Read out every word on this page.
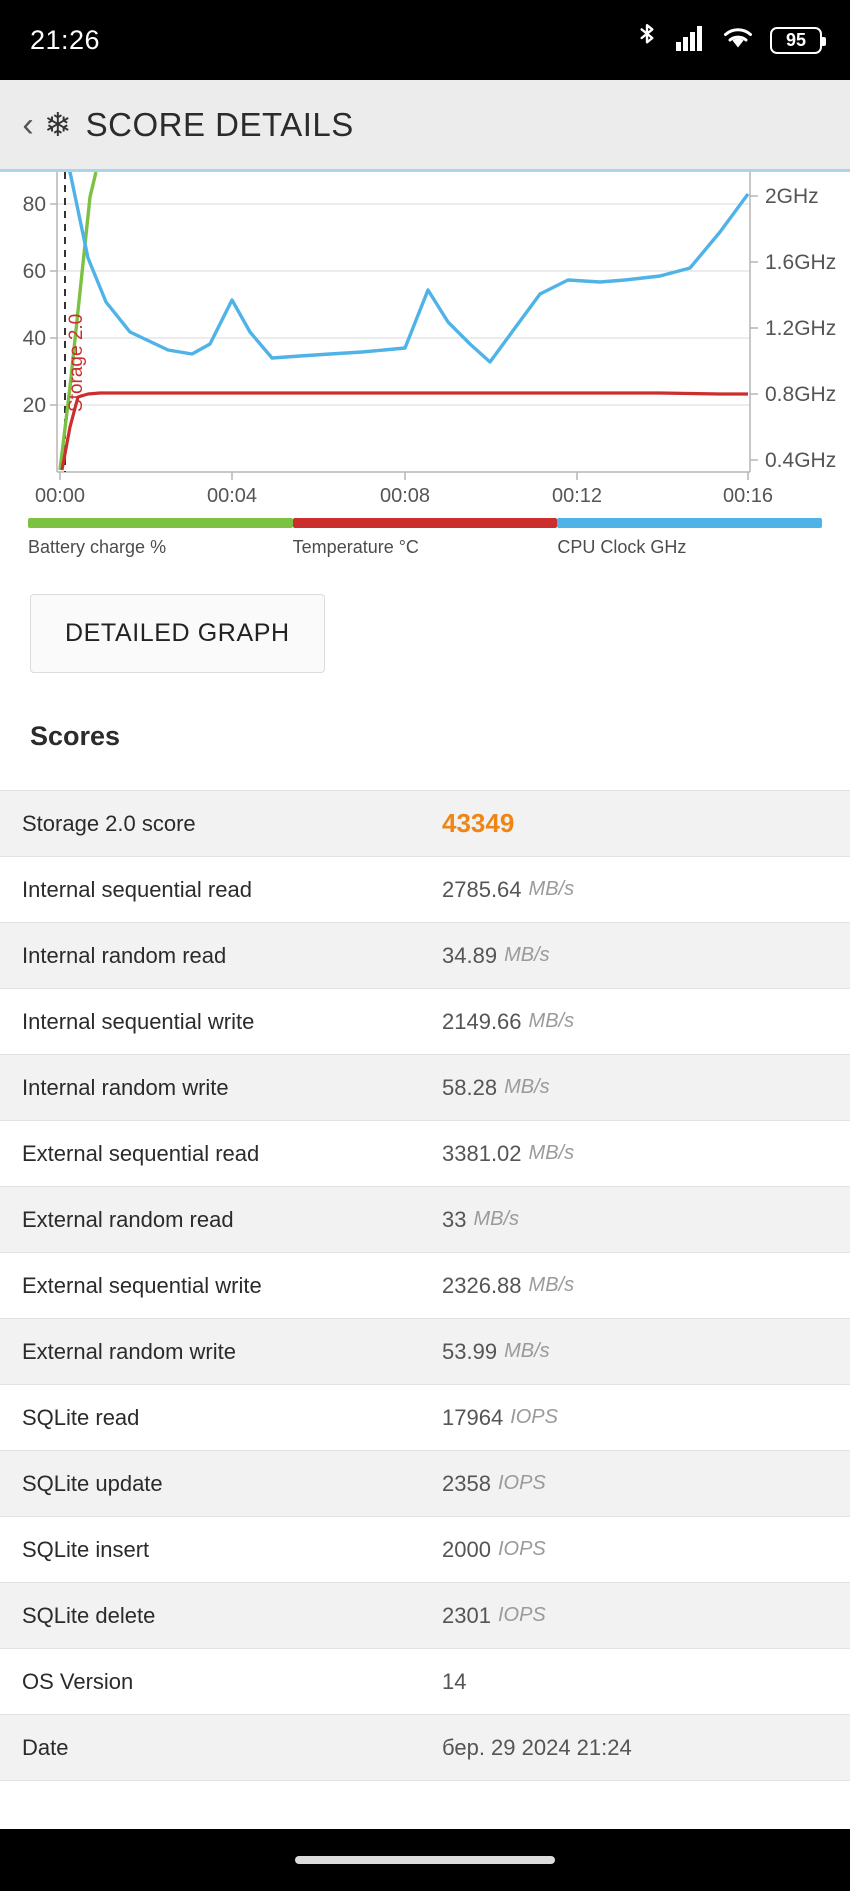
21:26	95
‹ ❄ SCORE DETAILS
80
60
40
20
2GHz
1.6GHz
1.2GHz
0.8GHz
0.4GHz
00:00	00:04	00:08	00:12	00:16
Storage 2.0
Battery charge %	Temperature °C	CPU Clock GHz
DETAILED GRAPH
Scores
Storage 2.0 score	43349
Internal sequential read	2785.64 MB/s
Internal random read	34.89 MB/s
Internal sequential write	2149.66 MB/s
Internal random write	58.28 MB/s
External sequential read	3381.02 MB/s
External random read	33 MB/s
External sequential write	2326.88 MB/s
External random write	53.99 MB/s
SQLite read	17964 IOPS
SQLite update	2358 IOPS
SQLite insert	2000 IOPS
SQLite delete	2301 IOPS
OS Version	14
Date	бер. 29 2024 21:24
